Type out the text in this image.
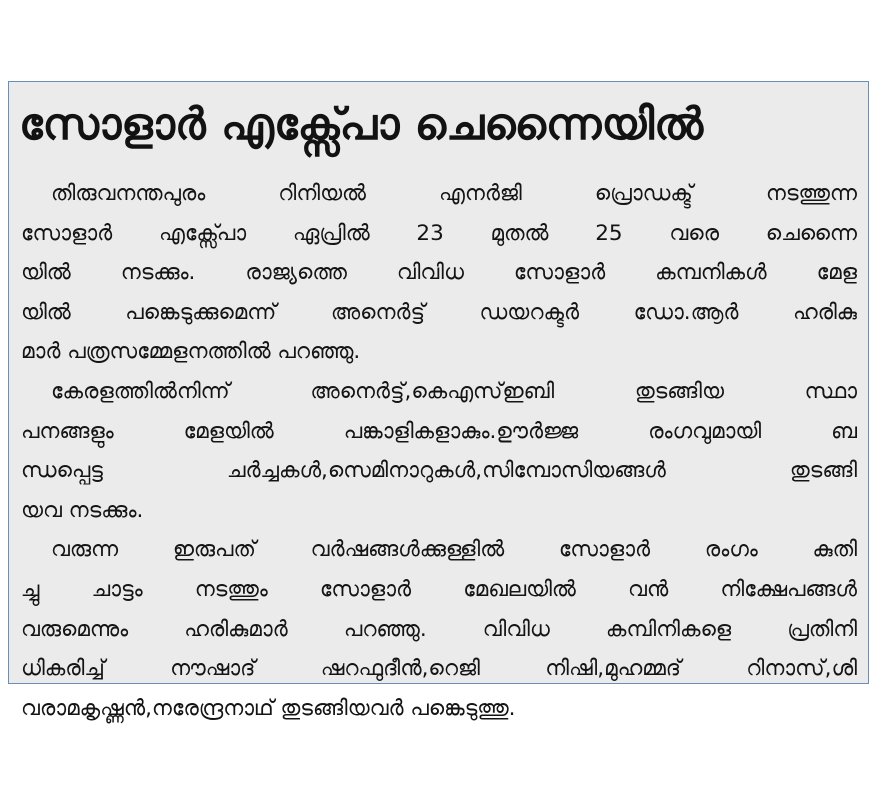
സോളാർ എക്സ്പോ ചെന്നൈയിൽ
തിരുവനന്തപുരം റിനിയൽ എനർജി പ്രൊഡക്ട് നടത്തുന്ന
സോളാർ എക്സ്പോ ഏപ്രിൽ 23 മുതൽ 25 വരെ ചെന്നൈ
യിൽ നടക്കും. രാജ്യത്തെ വിവിധ സോളാർ കമ്പനികൾ മേള
യിൽ പങ്കെടുക്കുമെന്ന് അനെർട്ട് ഡയറക്ടർ ഡോ.ആർ ഹരികു
മാർ പത്രസമ്മേളനത്തിൽ പറഞ്ഞു.
കേരളത്തിൽനിന്ന് അനെർട്ട്,കെഎസ്ഇബി തുടങ്ങിയ സ്ഥാ
പനങ്ങളും മേളയിൽ പങ്കാളികളാകും.ഊർജ്ജ രംഗവുമായി ബ
ന്ധപ്പെട്ട ചർച്ചകൾ,സെമിനാറുകൾ,സിമ്പോസിയങ്ങൾ തുടങ്ങി
യവ നടക്കും.
വരുന്ന ഇരുപത് വർഷങ്ങൾക്കുള്ളിൽ സോളാർ രംഗം കുതി
ച്ചു ചാട്ടം നടത്തും സോളാർ മേഖലയിൽ വൻ നിക്ഷേപങ്ങൾ
വരുമെന്നും ഹരികുമാർ പറഞ്ഞു. വിവിധ കമ്പിനികളെ പ്രതിനി
ധികരിച്ച് നൗഷാദ് ഷറഫുദീൻ,റെജി നിഷി,മുഹമ്മദ് റിനാസ്,ശി
വരാമകൃഷ്ണൻ,നരേന്ദ്രനാഥ് തുടങ്ങിയവർ പങ്കെടുത്തു.
